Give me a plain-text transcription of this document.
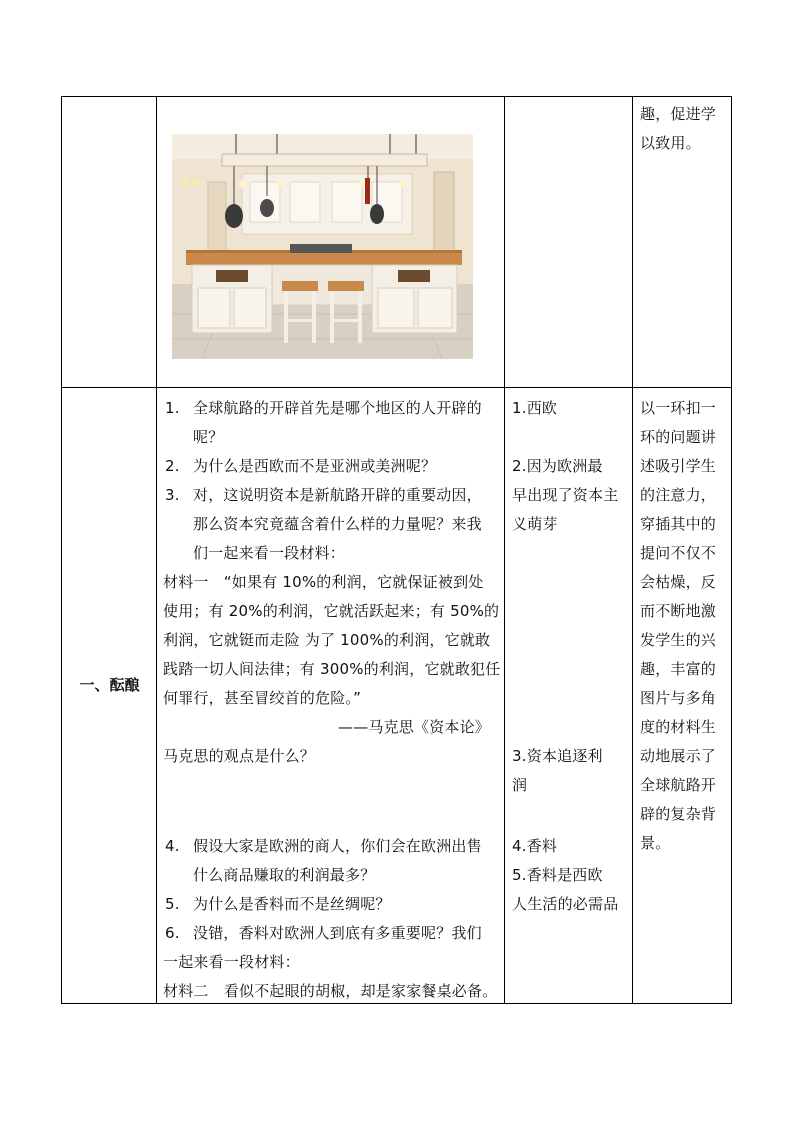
趣，促进学
以致用。
一、酝酿
1. 全球航路的开辟首先是哪个地区的人开辟的
呢？
2. 为什么是西欧而不是亚洲或美洲呢？
3. 对，这说明资本是新航路开辟的重要动因，
那么资本究竟蕴含着什么样的力量呢？来我
们一起来看一段材料：
材料一　“如果有 10%的利润，它就保证被到处
使用；有 20%的利润，它就活跃起来；有 50%的
利润，它就铤而走险 为了 100%的利润，它就敢
践踏一切人间法律；有 300%的利润，它就敢犯任
何罪行，甚至冒绞首的危险。”
——马克思《资本论》
马克思的观点是什么？
4. 假设大家是欧洲的商人，你们会在欧洲出售
什么商品赚取的利润最多？
5. 为什么是香料而不是丝绸呢？
6. 没错，香料对欧洲人到底有多重要呢？我们
一起来看一段材料：
材料二　看似不起眼的胡椒，却是家家餐桌必备。
1.西欧
2.因为欧洲最
早出现了资本主
义萌芽
3.资本追逐利
润
4.香料
5.香料是西欧
人生活的必需品
以一环扣一
环的问题讲
述吸引学生
的注意力，
穿插其中的
提问不仅不
会枯燥，反
而不断地激
发学生的兴
趣，丰富的
图片与多角
度的材料生
动地展示了
全球航路开
辟的复杂背
景。
